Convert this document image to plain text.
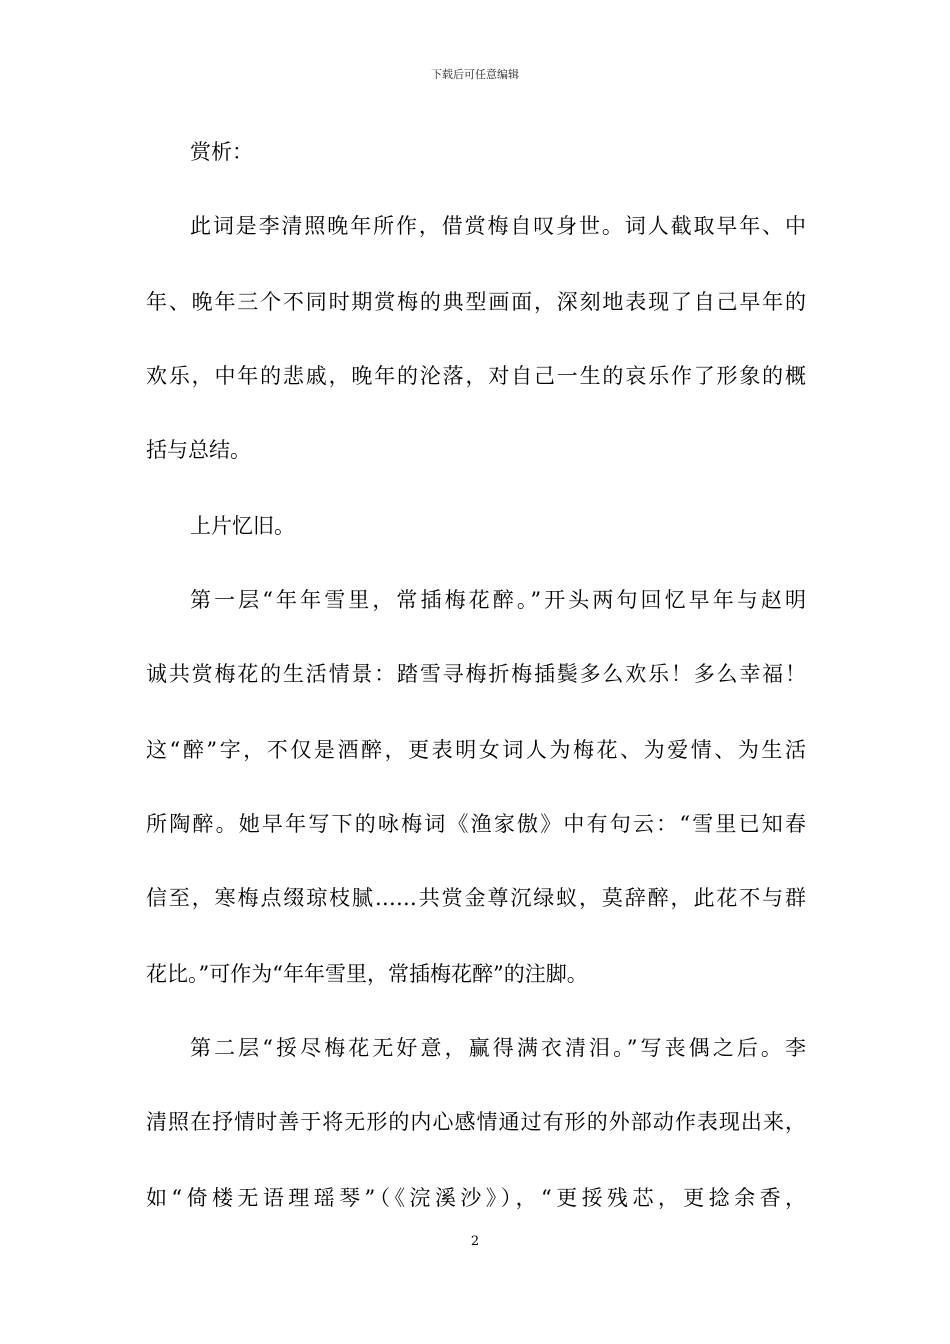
下载后可任意编辑
赏析：
此词是李清照晚年所作，借赏梅自叹身世。词人截取早年、中
年、晚年三个不同时期赏梅的典型画面，深刻地表现了自己早年的
欢乐，中年的悲戚，晚年的沦落，对自己一生的哀乐作了形象的概
括与总结。
上片忆旧。
第一层“年年雪里，常插梅花醉。”开头两句回忆早年与赵明
诚共赏梅花的生活情景：踏雪寻梅折梅插鬓多么欢乐！多么幸福！
这“醉”字，不仅是酒醉，更表明女词人为梅花、为爱情、为生活
所陶醉。她早年写下的咏梅词《渔家傲》中有句云：“雪里已知春
信至，寒梅点缀琼枝腻……共赏金尊沉绿蚁，莫辞醉，此花不与群
花比。”可作为“年年雪里，常插梅花醉”的注脚。
第二层“挼尽梅花无好意，赢得满衣清泪。”写丧偶之后。李
清照在抒情时善于将无形的内心感情通过有形的外部动作表现出来，
如“倚楼无语理瑶琴”（《浣溪沙》），“更挼残芯，更捻余香，
2
